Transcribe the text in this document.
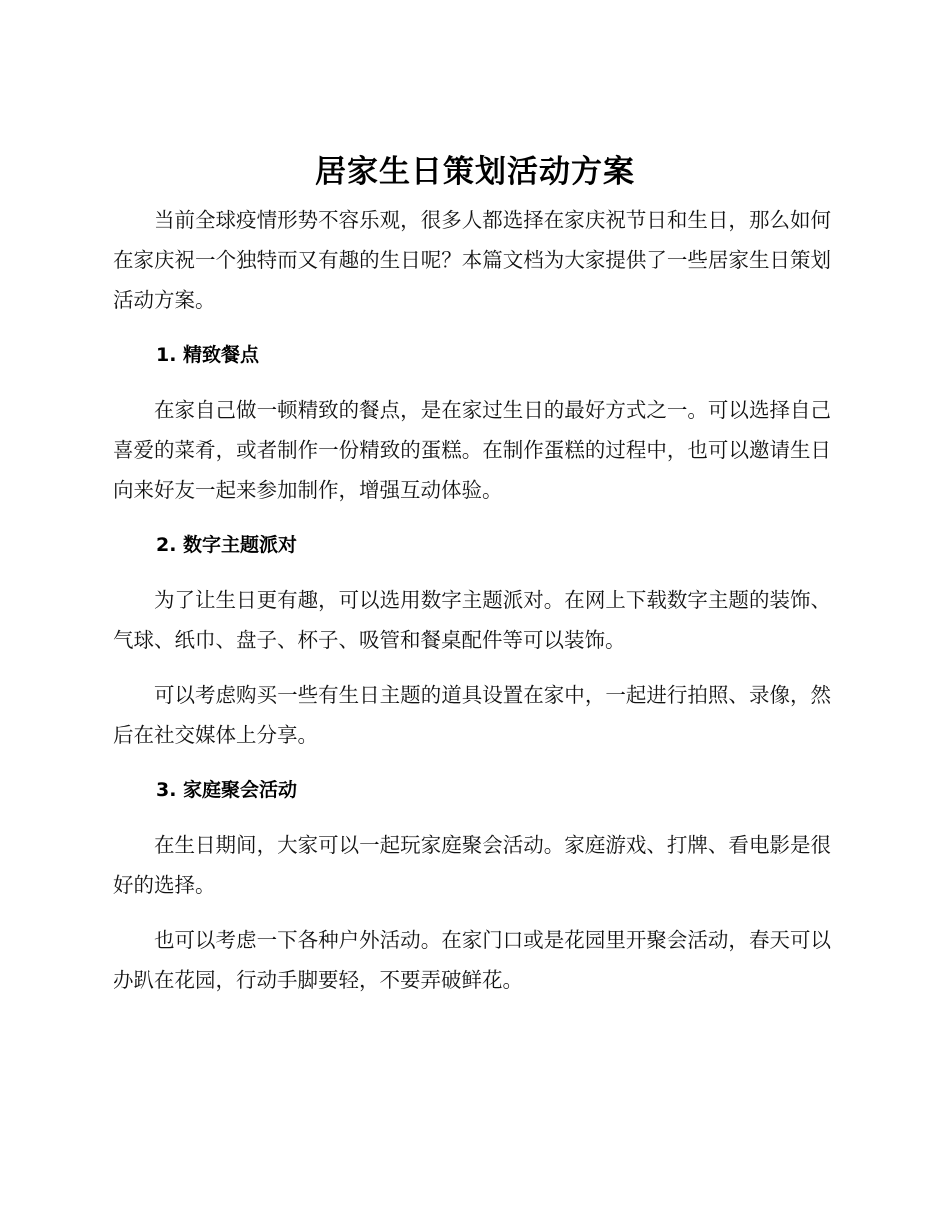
居家生日策划活动方案

当前全球疫情形势不容乐观，很多人都选择在家庆祝节日和生日，那么如何在家庆祝一个独特而又有趣的生日呢？本篇文档为大家提供了一些居家生日策划活动方案。

1. 精致餐点

在家自己做一顿精致的餐点，是在家过生日的最好方式之一。可以选择自己喜爱的菜肴，或者制作一份精致的蛋糕。在制作蛋糕的过程中，也可以邀请生日向来好友一起来参加制作，增强互动体验。

2. 数字主题派对

为了让生日更有趣，可以选用数字主题派对。在网上下载数字主题的装饰、气球、纸巾、盘子、杯子、吸管和餐桌配件等可以装饰。

可以考虑购买一些有生日主题的道具设置在家中，一起进行拍照、录像，然后在社交媒体上分享。

3. 家庭聚会活动

在生日期间，大家可以一起玩家庭聚会活动。家庭游戏、打牌、看电影是很好的选择。

也可以考虑一下各种户外活动。在家门口或是花园里开聚会活动，春天可以办趴在花园，行动手脚要轻，不要弄破鲜花。
